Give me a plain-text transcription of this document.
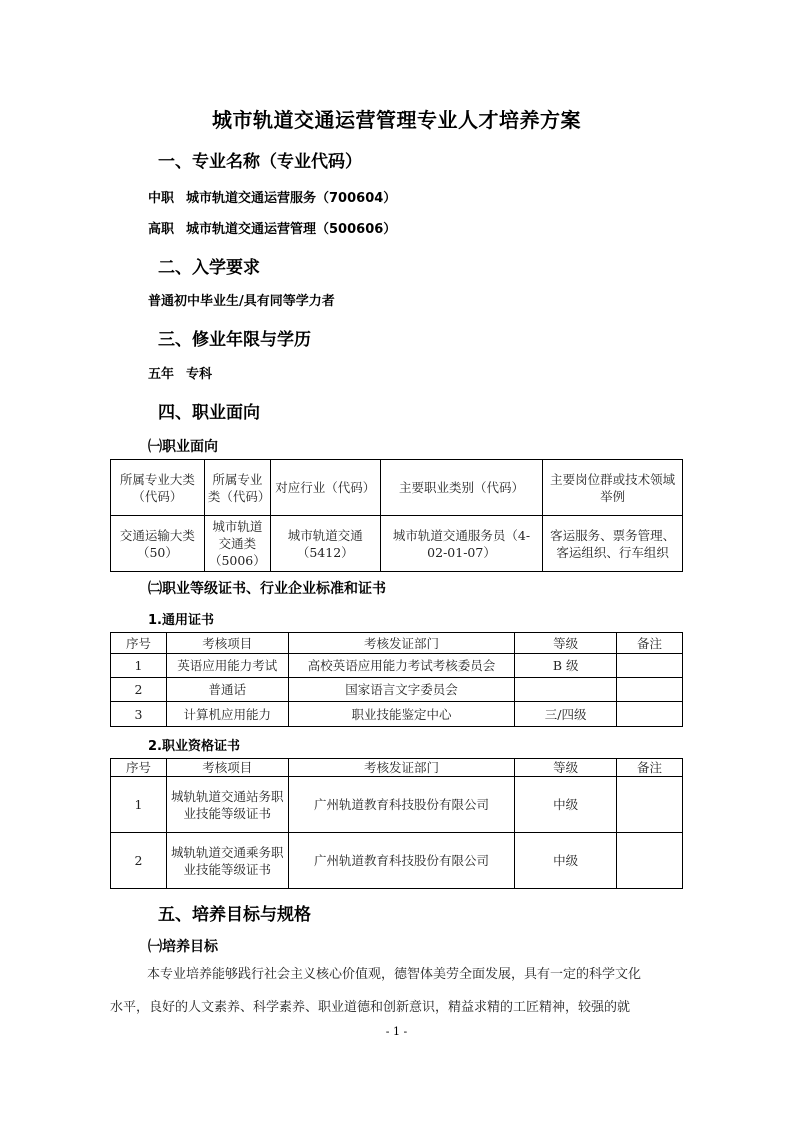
城市轨道交通运营管理专业人才培养方案
一、专业名称（专业代码）
中职 城市轨道交通运营服务（700604）
高职 城市轨道交通运营管理（500606）
二、入学要求
普通初中毕业生/具有同等学力者
三、修业年限与学历
五年 专科
四、职业面向
㈠职业面向
所属专业大类（代码）	所属专业类（代码）	对应行业（代码）	主要职业类别（代码）	主要岗位群或技术领域举例
交通运输大类（50）	城市轨道交通类（5006）	城市轨道交通（5412）	城市轨道交通服务员（4-02-01-07）	客运服务、票务管理、客运组织、行车组织
㈡职业等级证书、行业企业标准和证书
1.通用证书
序号	考核项目	考核发证部门	等级	备注
1	英语应用能力考试	高校英语应用能力考试考核委员会	B 级	
2	普通话	国家语言文字委员会		
3	计算机应用能力	职业技能鉴定中心	三/四级	
2.职业资格证书
序号	考核项目	考核发证部门	等级	备注
1	城轨轨道交通站务职业技能等级证书	广州轨道教育科技股份有限公司	中级	
2	城轨轨道交通乘务职业技能等级证书	广州轨道教育科技股份有限公司	中级	
五、培养目标与规格
㈠培养目标
本专业培养能够践行社会主义核心价值观，德智体美劳全面发展，具有一定的科学文化
水平，良好的人文素养、科学素养、职业道德和创新意识，精益求精的工匠精神，较强的就
- 1 -
